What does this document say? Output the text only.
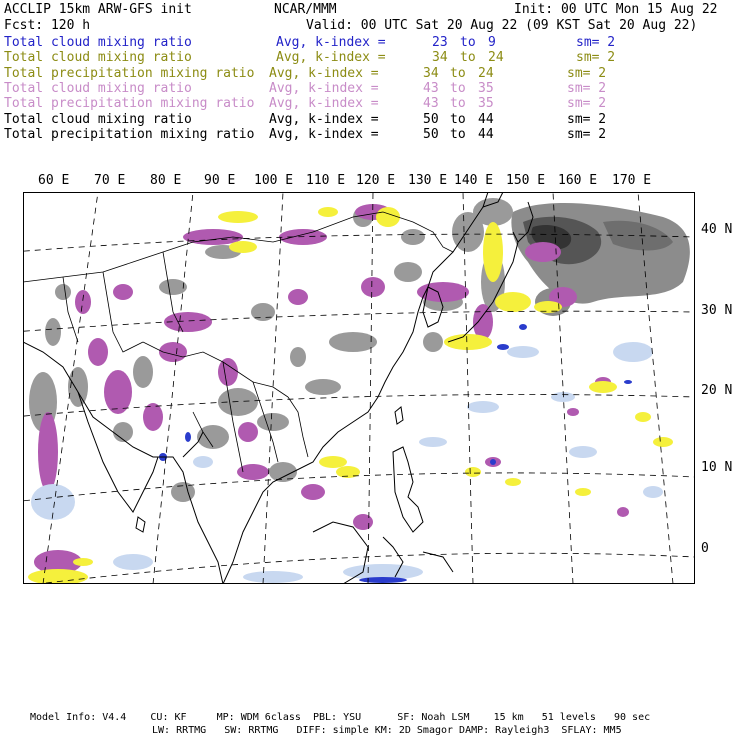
ACCLIP 15km ARW-GFS init	NCAR/MMM	Init: 00 UTC Mon 15 Aug 22
Fcst: 120 h	Valid: 00 UTC Sat 20 Aug 22 (09 KST Sat 20 Aug 22)
Total cloud mixing ratio	Avg, k-index =	23 to 9	sm= 2
Total cloud mixing ratio	Avg, k-index =	34 to 24	sm= 2
Total precipitation mixing ratio Avg, k-index =	34 to 24	sm= 2
Total cloud mixing ratio	Avg, k-index =	43 to 35	sm= 2
Total precipitation mixing ratio Avg, k-index =	43 to 35	sm= 2
Total cloud mixing ratio	Avg, k-index =	50 to 44	sm= 2
Total precipitation mixing ratio Avg, k-index =	50 to 44	sm= 2
60 E 70 E 80 E 90 E 100 E 110 E 120 E 130 E 140 E 150 E 160 E 170 E
40 N
30 N
20 N
10 N
0
Model Info: V4.4    CU: KF     MP: WDM 6class  PBL: YSU      SF: Noah LSM    15 km   51 levels   90 sec
LW: RRTMG   SW: RRTMG   DIFF: simple KM: 2D Smagor DAMP: Rayleigh3  SFLAY: MM5
